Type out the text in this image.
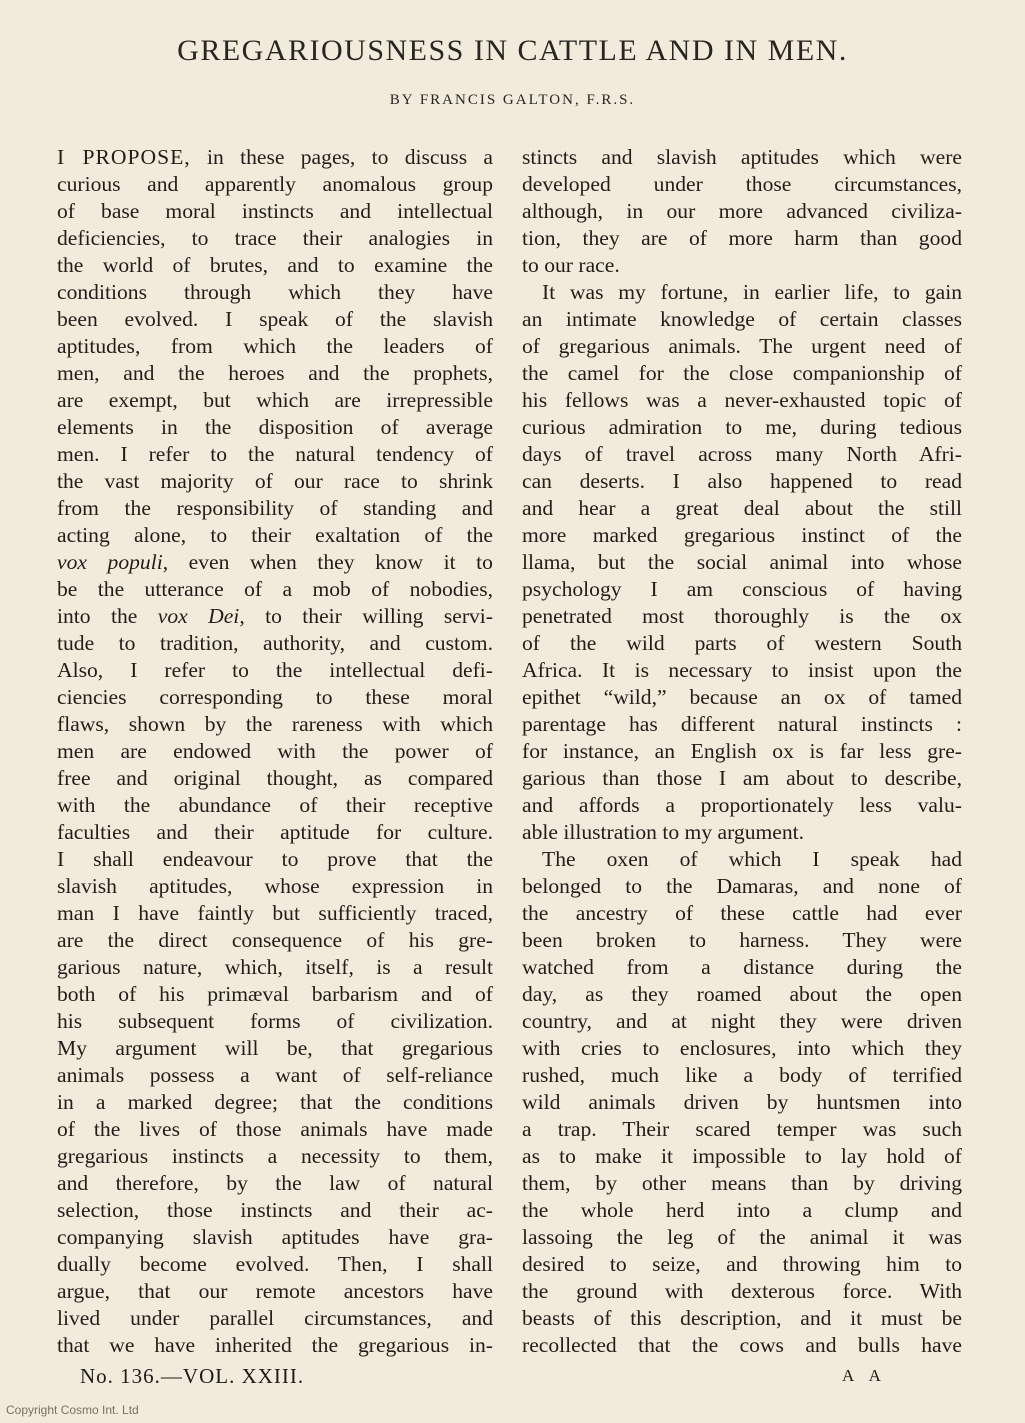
GREGARIOUSNESS IN CATTLE AND IN MEN.
BY FRANCIS GALTON, F.R.S.
I PROPOSE, in these pages, to discuss a
curious and apparently anomalous group
of base moral instincts and intellectual
deficiencies, to trace their analogies in
the world of brutes, and to examine the
conditions through which they have
been evolved. I speak of the slavish
aptitudes, from which the leaders of
men, and the heroes and the prophets,
are exempt, but which are irrepressible
elements in the disposition of average
men. I refer to the natural tendency of
the vast majority of our race to shrink
from the responsibility of standing and
acting alone, to their exaltation of the
vox populi, even when they know it to
be the utterance of a mob of nobodies,
into the vox Dei, to their willing servi-
tude to tradition, authority, and custom.
Also, I refer to the intellectual defi-
ciencies corresponding to these moral
flaws, shown by the rareness with which
men are endowed with the power of
free and original thought, as compared
with the abundance of their receptive
faculties and their aptitude for culture.
I shall endeavour to prove that the
slavish aptitudes, whose expression in
man I have faintly but sufficiently traced,
are the direct consequence of his gre-
garious nature, which, itself, is a result
both of his primæval barbarism and of
his subsequent forms of civilization.
My argument will be, that gregarious
animals possess a want of self-reliance
in a marked degree; that the conditions
of the lives of those animals have made
gregarious instincts a necessity to them,
and therefore, by the law of natural
selection, those instincts and their ac-
companying slavish aptitudes have gra-
dually become evolved. Then, I shall
argue, that our remote ancestors have
lived under parallel circumstances, and
that we have inherited the gregarious in-
stincts and slavish aptitudes which were
developed under those circumstances,
although, in our more advanced civiliza-
tion, they are of more harm than good
to our race.
It was my fortune, in earlier life, to gain
an intimate knowledge of certain classes
of gregarious animals. The urgent need of
the camel for the close companionship of
his fellows was a never-exhausted topic of
curious admiration to me, during tedious
days of travel across many North Afri-
can deserts. I also happened to read
and hear a great deal about the still
more marked gregarious instinct of the
llama, but the social animal into whose
psychology I am conscious of having
penetrated most thoroughly is the ox
of the wild parts of western South
Africa. It is necessary to insist upon the
epithet “wild,” because an ox of tamed
parentage has different natural instincts :
for instance, an English ox is far less gre-
garious than those I am about to describe,
and affords a proportionately less valu-
able illustration to my argument.
The oxen of which I speak had
belonged to the Damaras, and none of
the ancestry of these cattle had ever
been broken to harness. They were
watched from a distance during the
day, as they roamed about the open
country, and at night they were driven
with cries to enclosures, into which they
rushed, much like a body of terrified
wild animals driven by huntsmen into
a trap. Their scared temper was such
as to make it impossible to lay hold of
them, by other means than by driving
the whole herd into a clump and
lassoing the leg of the animal it was
desired to seize, and throwing him to
the ground with dexterous force. With
beasts of this description, and it must be
recollected that the cows and bulls have
No. 136.—VOL. XXIII.	A A
Copyright Cosmo Int. Ltd
